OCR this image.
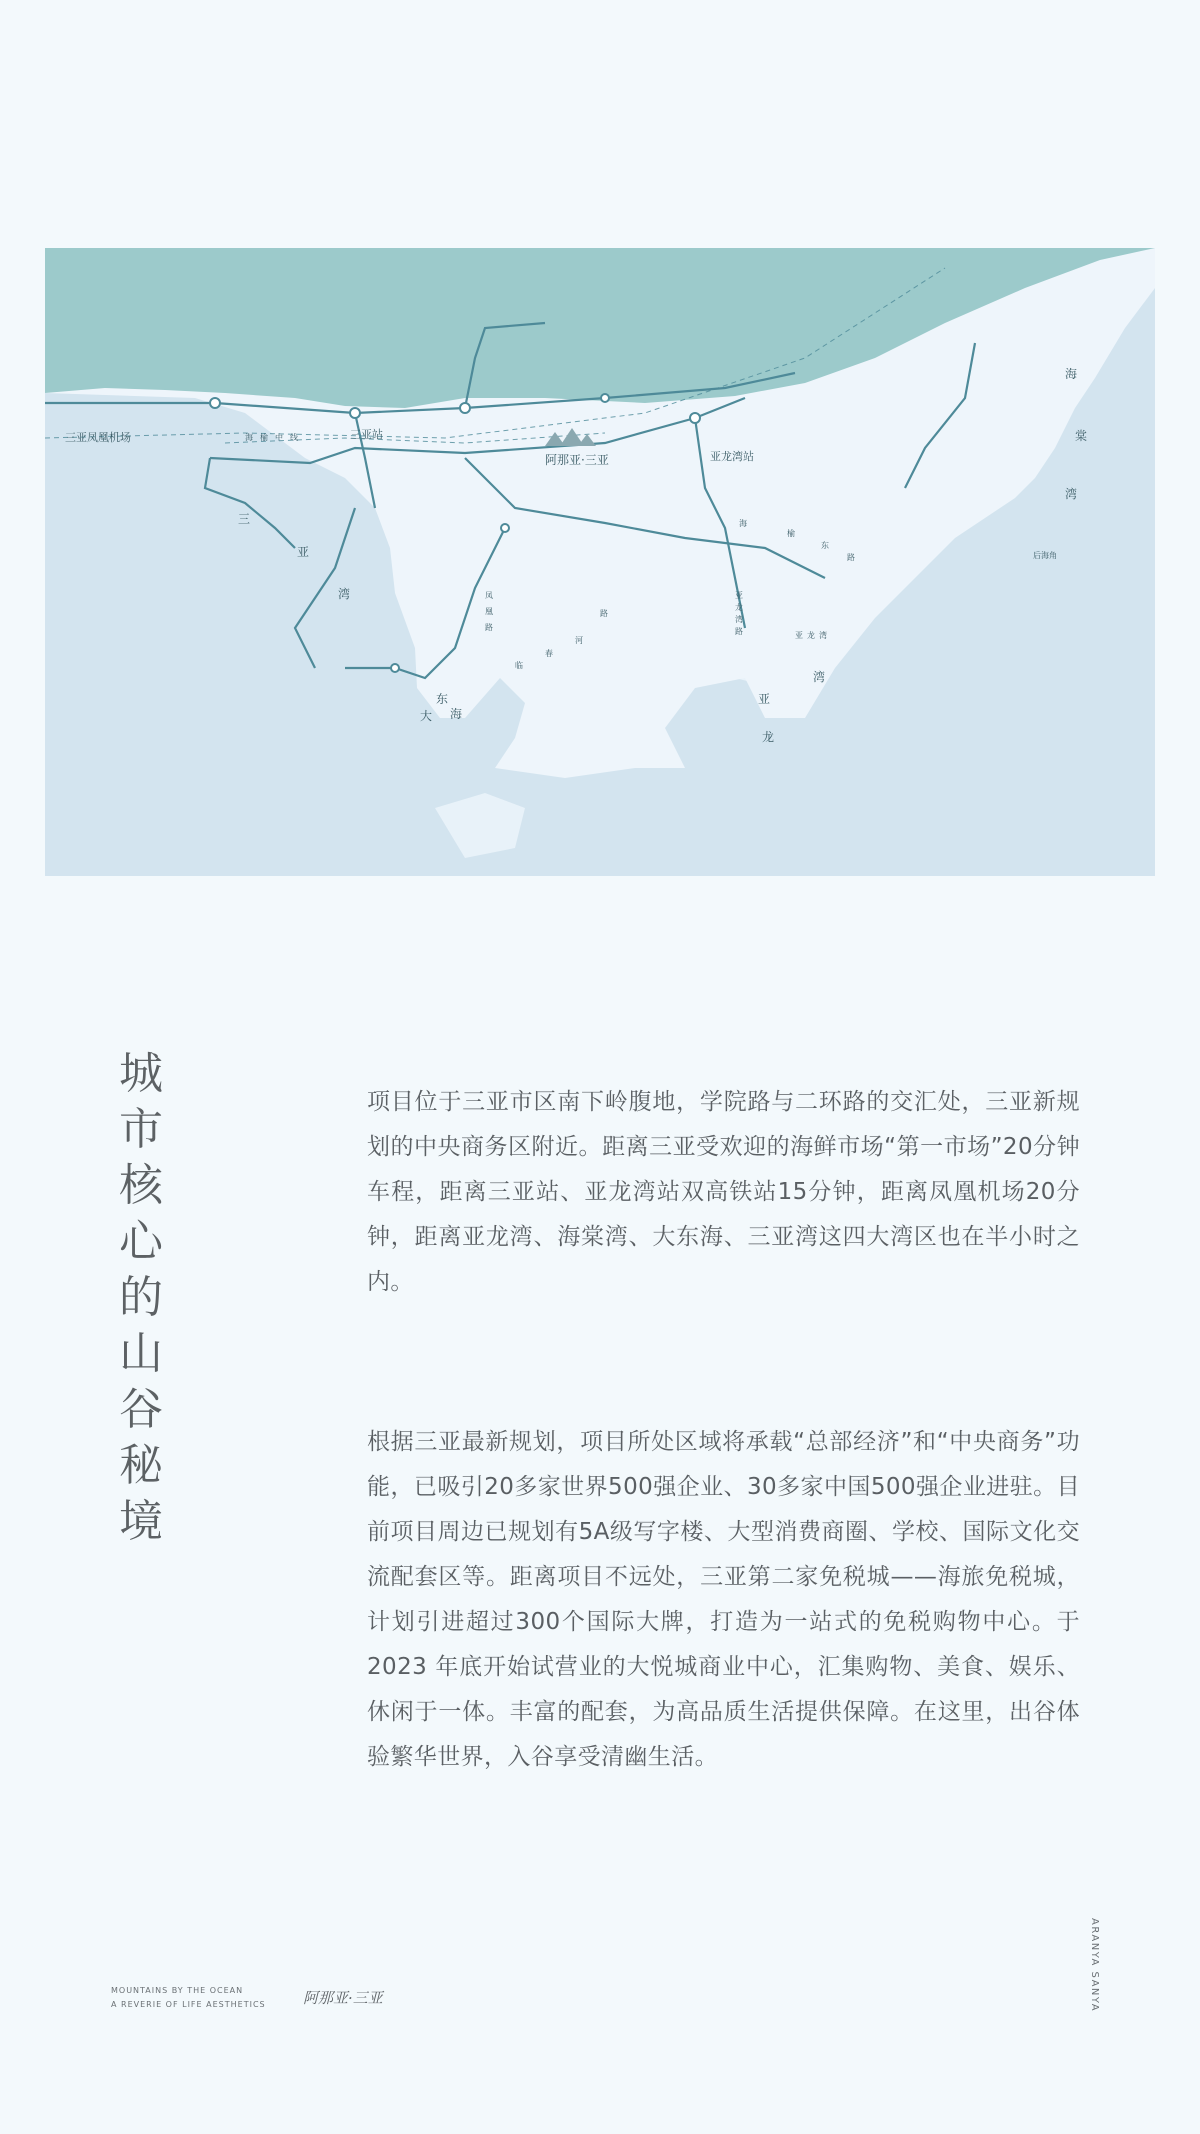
三亚凤凰机场	三亚站
亚龙湾站
阿那亚·三亚
后海角
三
亚
湾
海
棠
湾
亚
湾
龙
东
大 海
凤
凰
路
临
春
河
路
海
榆
东
路
海 榆 中 线
亚
龙
湾
路	亚 龙 湾
城市核心的山谷秘境

项目位于三亚市区南下岭腹地，学院路与二环路的交汇处，三亚新规划的中央商务区附近。距离三亚受欢迎的海鲜市场“第一市场”20分钟车程，距离三亚站、亚龙湾站双高铁站15分钟，距离凤凰机场20分钟，距离亚龙湾、海棠湾、大东海、三亚湾这四大湾区也在半小时之内。

根据三亚最新规划，项目所处区域将承载“总部经济”和“中央商务”功能，已吸引20多家世界500强企业、30多家中国500强企业进驻。目前项目周边已规划有5A级写字楼、大型消费商圈、学校、国际文化交流配套区等。距离项目不远处，三亚第二家免税城——海旅免税城，计划引进超过300个国际大牌，打造为一站式的免税购物中心。于 2023 年底开始试营业的大悦城商业中心，汇集购物、美食、娱乐、休闲于一体。丰富的配套，为高品质生活提供保障。在这里，出谷体验繁华世界，入谷享受清幽生活。

MOUNTAINS BY THE OCEAN
A REVERIE OF LIFE AESTHETICS 阿那亚·三亚	ARANYA SANYA
